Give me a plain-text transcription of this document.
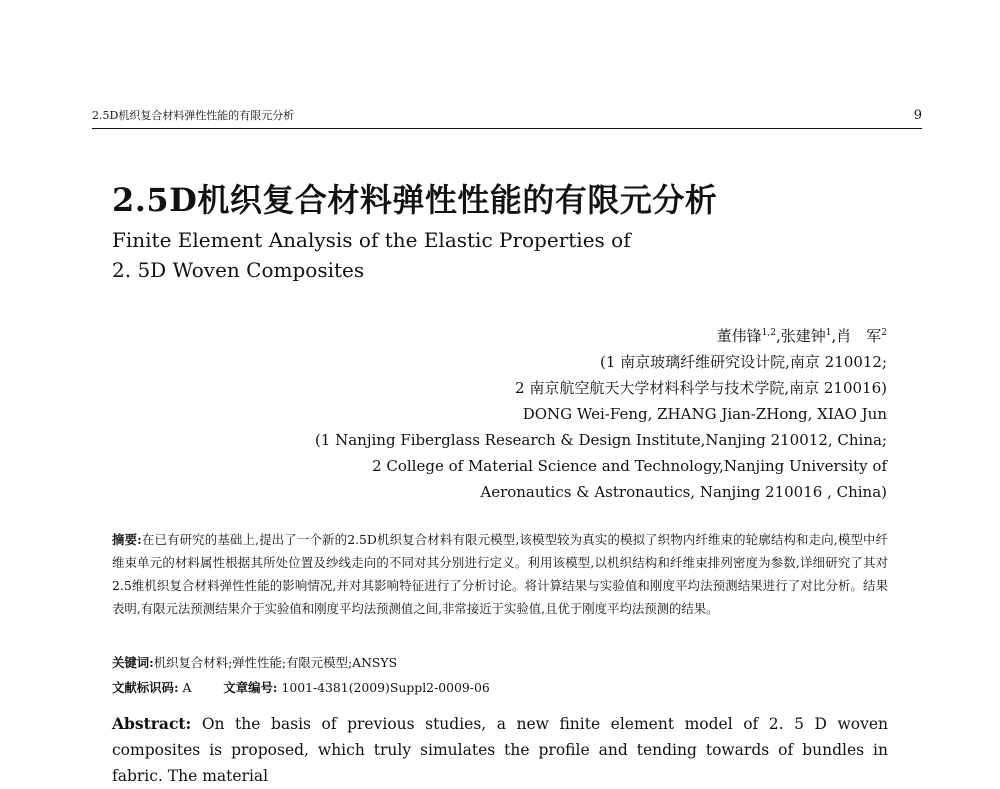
2.5D机织复合材料弹性性能的有限元分析	9
2.5D机织复合材料弹性性能的有限元分析
Finite Element Analysis of the Elastic Properties of
2. 5D Woven Composites
董伟锋$^{1,2}$,张建钟$^1$,肖　军$^2$
(1 南京玻璃纤维研究设计院,南京 210012;
2 南京航空航天大学材料科学与技术学院,南京 210016)
DONG Wei-Feng, ZHANG Jian-ZHong, XIAO Jun
(1 Nanjing Fiberglass Research & Design Institute,Nanjing 210012, China;
2 College of Material Science and Technology,Nanjing University of
Aeronautics & Astronautics, Nanjing 210016 , China)

摘要:在已有研究的基础上,提出了一个新的2.5D机织复合材料有限元模型,该模型较为真实的模拟了织物内纤维束的轮廓结构和走向,模型中纤维束单元的材料属性根据其所处位置及纱线走向的不同对其分别进行定义。利用该模型,以机织结构和纤维束排列密度为参数,详细研究了其对2.5维机织复合材料弹性性能的影响情况,并对其影响特征进行了分析讨论。将计算结果与实验值和刚度平均法预测结果进行了对比分析。结果表明,有限元法预测结果介于实验值和刚度平均法预测值之间,非常接近于实验值,且优于刚度平均法预测的结果。

关键词:机织复合材料;弹性性能;有限元模型;ANSYS
文献标识码: A	文章编号: 1001-4381(2009)Suppl2-0009-06

Abstract: On the basis of previous studies, a new finite element model of 2. 5 D woven composites is proposed, which truly simulates the profile and tending towards of bundles in fabric. The material
